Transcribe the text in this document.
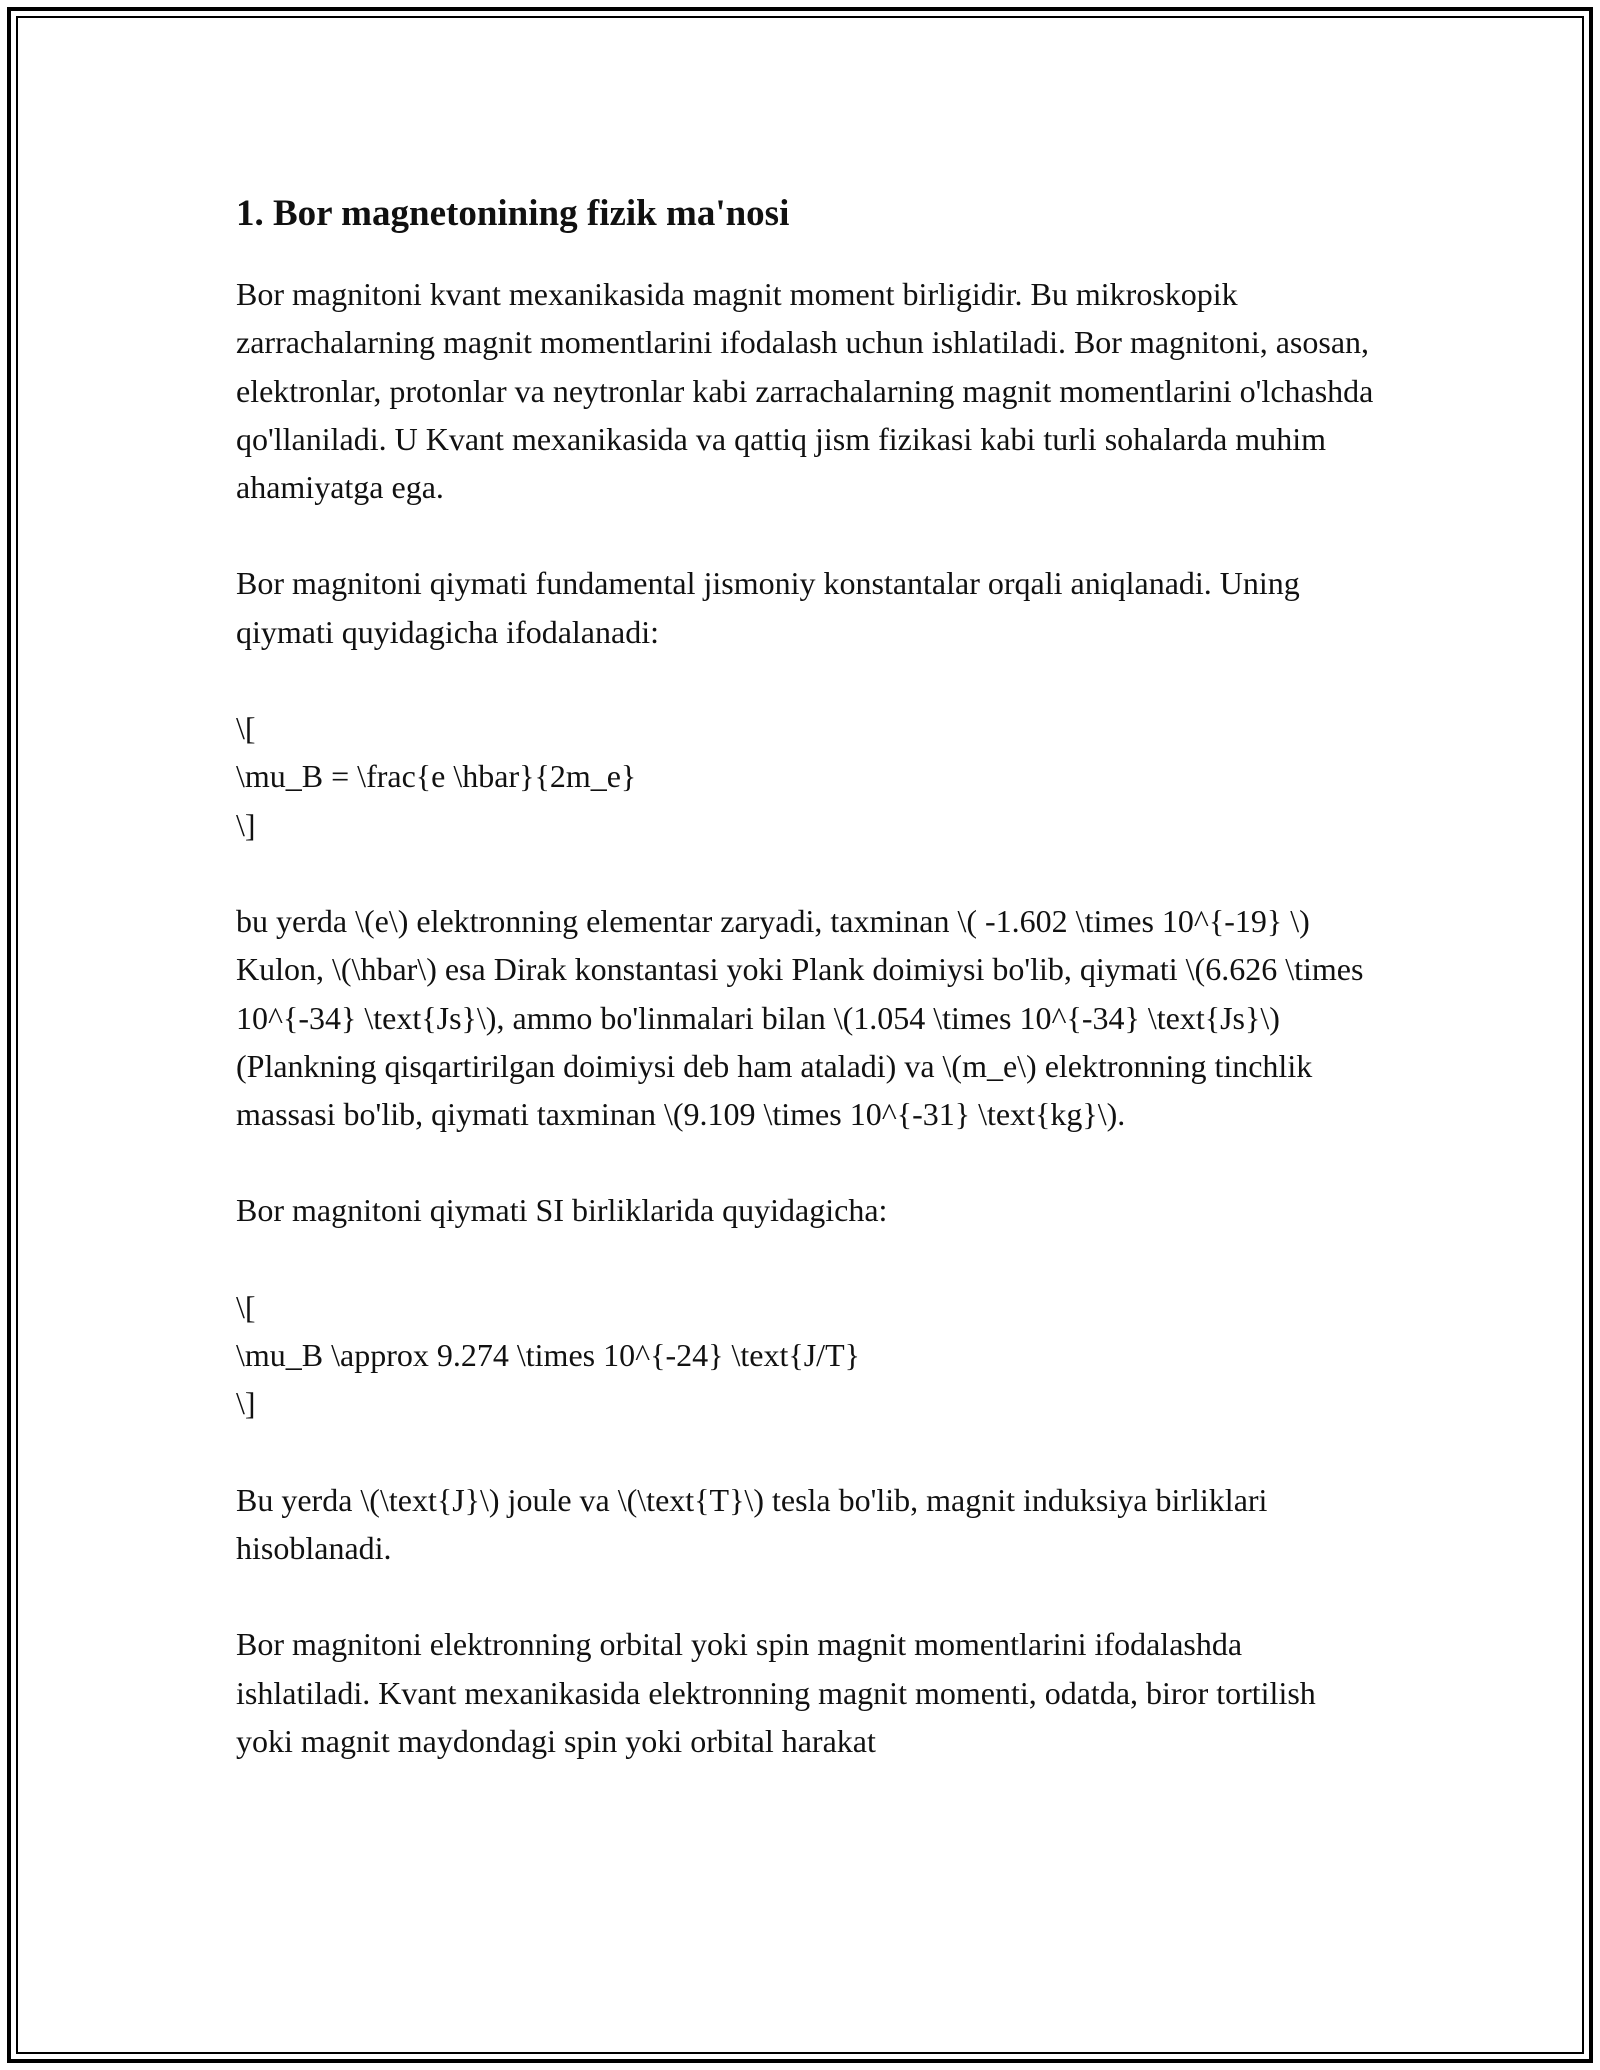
1. Bor magnetonining fizik ma'nosi

Bor magnitoni kvant mexanikasida magnit moment birligidir. Bu mikroskopik zarrachalarning magnit momentlarini ifodalash uchun ishlatiladi. Bor magnitoni, asosan, elektronlar, protonlar va neytronlar kabi zarrachalarning magnit momentlarini o'lchashda qo'llaniladi. U Kvant mexanikasida va qattiq jism fizikasi kabi turli sohalarda muhim ahamiyatga ega.

Bor magnitoni qiymati fundamental jismoniy konstantalar orqali aniqlanadi. Uning qiymati quyidagicha ifodalanadi:

\[
\mu_B = \frac{e \hbar}{2m_e}
\]

bu yerda \(e\) elektronning elementar zaryadi, taxminan \( -1.602 \times 10^{-19} \) Kulon, \(\hbar\) esa Dirak konstantasi yoki Plank doimiysi bo'lib, qiymati \(6.626 \times 10^{-34} \text{Js}\), ammo bo'linmalari bilan \(1.054 \times 10^{-34} \text{Js}\) (Plankning qisqartirilgan doimiysi deb ham ataladi) va \(m_e\) elektronning tinchlik massasi bo'lib, qiymati taxminan \(9.109 \times 10^{-31} \text{kg}\).

Bor magnitoni qiymati SI birliklarida quyidagicha:

\[
\mu_B \approx 9.274 \times 10^{-24} \text{J/T}
\]

Bu yerda \(\text{J}\) joule va \(\text{T}\) tesla bo'lib, magnit induksiya birliklari hisoblanadi.

Bor magnitoni elektronning orbital yoki spin magnit momentlarini ifodalashda ishlatiladi. Kvant mexanikasida elektronning magnit momenti, odatda, biror tortilish yoki magnit maydondagi spin yoki orbital harakat
